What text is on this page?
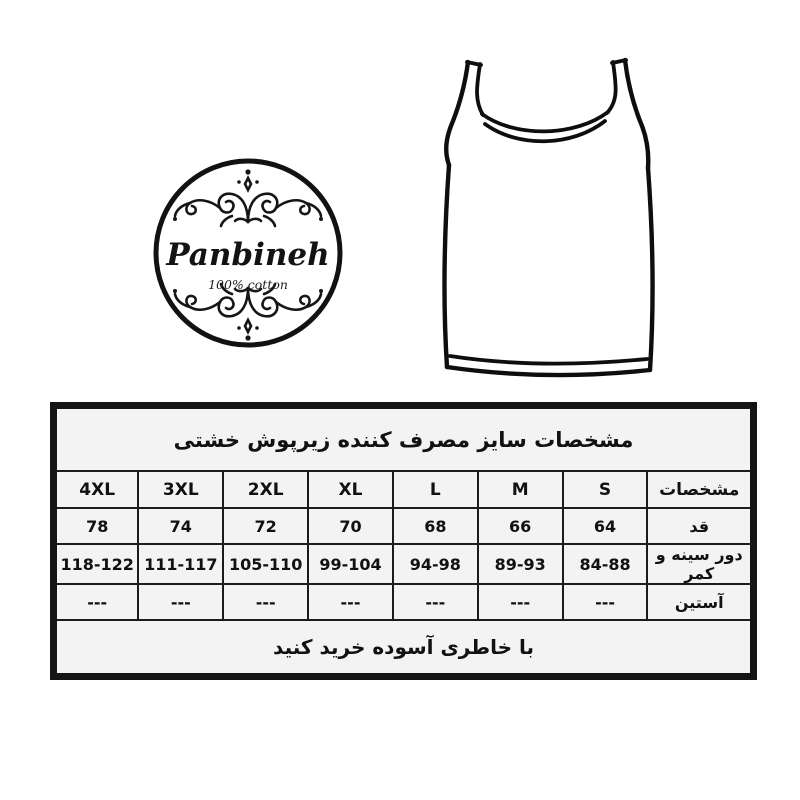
Panbineh
100% cotton
مشخصات سایز مصرف کننده زیرپوش خشتی							
مشخصات	S	M	L	XL	2XL	3XL	4XL
قد	64	66	68	70	72	74	78
دور سینه و کمر	84-88	89-93	94-98	99-104	105-110	111-117	118-122
آستین	---	---	---	---	---	---	---
با خاطری آسوده خرید کنید							
